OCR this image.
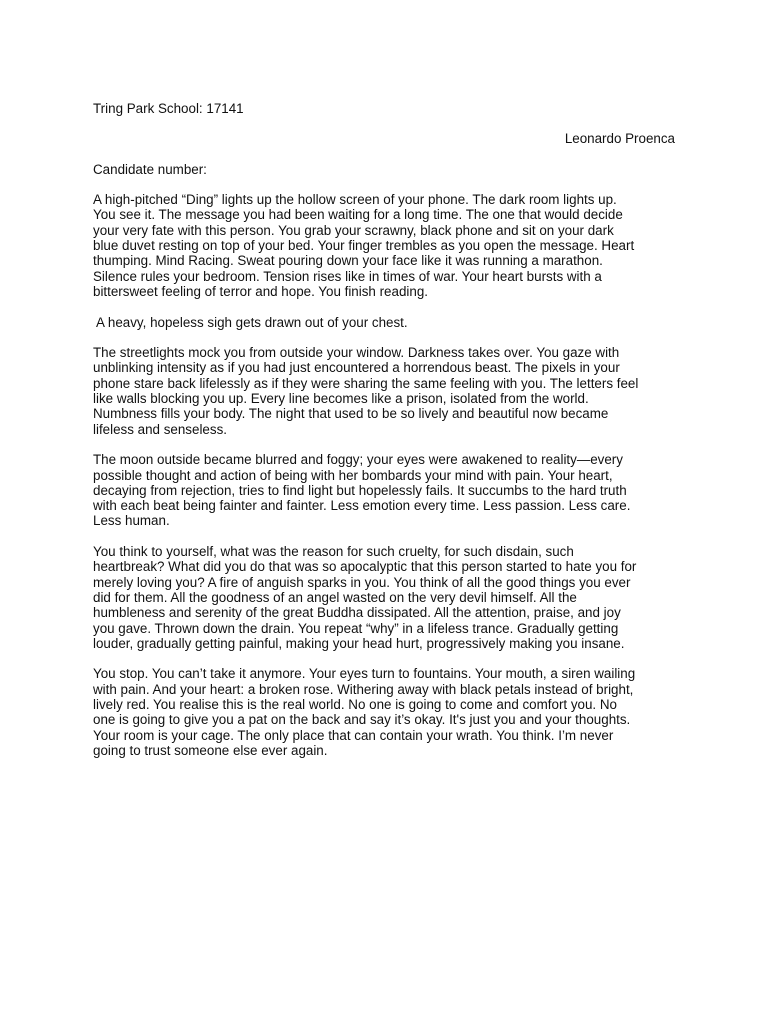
Tring Park School: 17141

Leonardo Proenca

Candidate number:

A high-pitched “Ding” lights up the hollow screen of your phone. The dark room lights up.
You see it. The message you had been waiting for a long time. The one that would decide
your very fate with this person. You grab your scrawny, black phone and sit on your dark
blue duvet resting on top of your bed. Your finger trembles as you open the message. Heart
thumping. Mind Racing. Sweat pouring down your face like it was running a marathon.
Silence rules your bedroom. Tension rises like in times of war. Your heart bursts with a
bittersweet feeling of terror and hope. You finish reading.
A heavy, hopeless sigh gets drawn out of your chest.
The streetlights mock you from outside your window. Darkness takes over. You gaze with
unblinking intensity as if you had just encountered a horrendous beast. The pixels in your
phone stare back lifelessly as if they were sharing the same feeling with you. The letters feel
like walls blocking you up. Every line becomes like a prison, isolated from the world.
Numbness fills your body. The night that used to be so lively and beautiful now became
lifeless and senseless.
The moon outside became blurred and foggy; your eyes were awakened to reality—every
possible thought and action of being with her bombards your mind with pain. Your heart,
decaying from rejection, tries to find light but hopelessly fails. It succumbs to the hard truth
with each beat being fainter and fainter. Less emotion every time. Less passion. Less care.
Less human.
You think to yourself, what was the reason for such cruelty, for such disdain, such
heartbreak? What did you do that was so apocalyptic that this person started to hate you for
merely loving you? A fire of anguish sparks in you. You think of all the good things you ever
did for them. All the goodness of an angel wasted on the very devil himself. All the
humbleness and serenity of the great Buddha dissipated. All the attention, praise, and joy
you gave. Thrown down the drain. You repeat “why” in a lifeless trance. Gradually getting
louder, gradually getting painful, making your head hurt, progressively making you insane.
You stop. You can’t take it anymore. Your eyes turn to fountains. Your mouth, a siren wailing
with pain. And your heart: a broken rose. Withering away with black petals instead of bright,
lively red. You realise this is the real world. No one is going to come and comfort you. No
one is going to give you a pat on the back and say it’s okay. It's just you and your thoughts.
Your room is your cage. The only place that can contain your wrath. You think. I’m never
going to trust someone else ever again.
